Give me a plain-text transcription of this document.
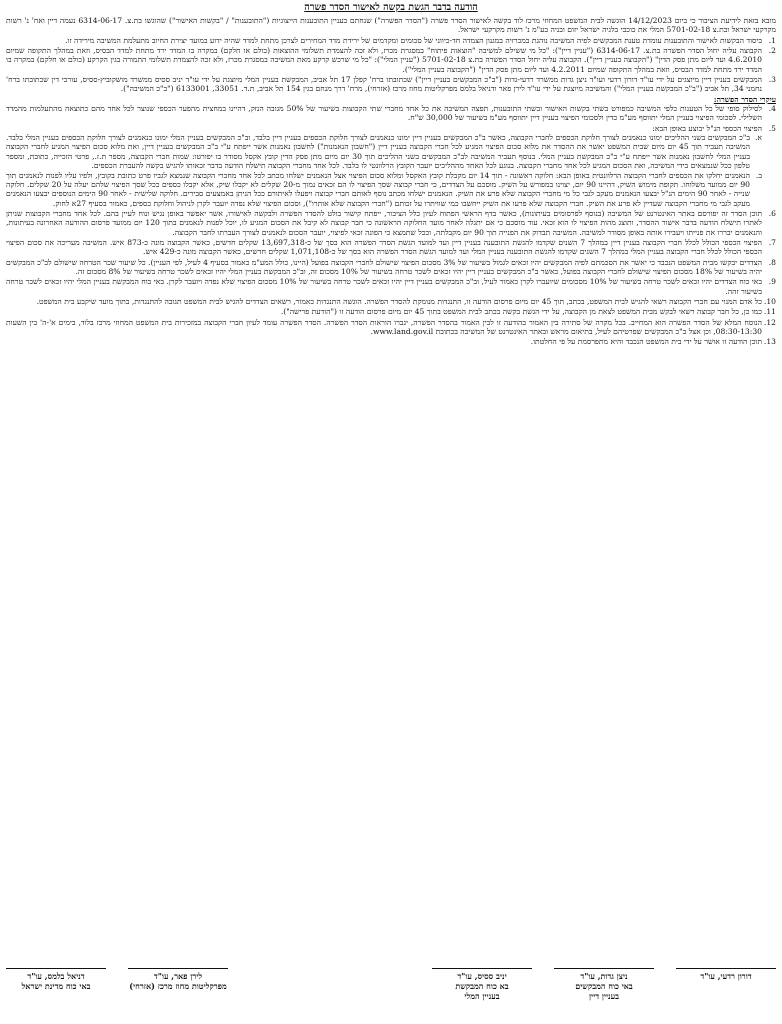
הודעה בדבר הגשת בקשה לאישור הסדר פשרה
מובא בזאת לידיעת הציבור כי ביום 14/12/2023 הוגשה לבית המשפט המחוזי מרכז לוד בקשה לאישור הסדר פשרה ("הסדר הפשרה") שנחתם בעניין התובענות הייצוגיות ("התובענות" / "בקשות האישור") שהוגשו בת.צ. 6314-06-17 נעמה דיין ואח' נ' רשות מקרקעי ישראל ובת.צ 5701-02-18 המלי את כוכבי בלגיה ישראל יזום ובניה בע"מ נ' רשות מקרקעי ישראל.
1.
ביסוד הבקשות לאישור והתובענות עומדת טענת המבקשים לפיה המשיבה נוהגת במכרזיה במגנון הצמדה חד-כיווני של סכומים ומקדמים של ירידת מדד המחירים לצרכן מתחת למדד שהיה ידוע במועד יצירת החיוב מתעלמת המשיבה מירידה זו.
2.
הקבוצה עליה יחול הסדר הפשרה בת.צ. 6314-06-17 ("עניין דיין"): "כל מי ששילם למשיבה "הוצאות פיתוח" במסגרת מכרז, ולא זכה להצמדת תשלומי ההוצאות (כולם או חלקם) במקרה בו המדד ירד מתחת למדד הבסיס, וזאת במהלך התקופה שמיום 4.6.2010 ועד ליום מתן פסק הדין" ("הקבוצה בעניין דיין"). הקבוצה עליה יחול הסדר הפשרה בת.צ 5701-02-18 ("עניין המלי"): "כל מי שרכש קרקע מאת המשיבה במסגרת מכרז, ולא זכה להצמדת תשלומי התמורה בגין הקרקע (כולם או חלקם) במקרה בו המדד ירד מתחת למדד הבסיס, וזאת במהלך התקופה שמיום 4.2.2011 ועד ליום מתן פסק הדין" ("הקבוצה בעניין המלי").
3.
המבקשים בעניין דיין מיוצגים על ידי עו"ד דורון רדעי ועו"ד ניצן גדות ממשרד רדעי-גדות ("ב"כ המבקשים בעניין דיין") שכתובתו ברח' קפלן 17 תל אביב, המבקשת בעניין המלי מיוצגת על ידי עו"ד יניב ססיס ממשרד מושקוביץ-ססיס, עורכי דין שכתובתו ברח' נחמני 34, תל אביב ("ב"כ המבקשת בעניין המלי") והמשיבה מיוצגת על ידי עו"ד לירן פאר ודניאל בלמס מפרקליטות מחוז מרכז (אזרחי), מרח' דרך מנחם בגין 154 תל אביב, ת.ד. 33051, 6133001 ("ב"כ המשיבה").
עיקרי הסדר הפשרה:
4.
לסילוק סופי של כל הטענות כלפי המשיבה כמפורט בשתי בקשות האישור ובשתי התובענות, תפצה המשיבה את כל אחד מחברי שתי הקבוצות בשיעור של 50% מגובה הנזק, דהיינו במחצית מהפער הכספי שנוצר לכל אחד מהם כתוצאה מהתעלמות מהמדד השלילי. לסכומי הפיצוי בעניין המלי יתווסף מע"מ כדין ולסכומי הפיצוי בעניין דיין יתווסף מע"מ בשיעור של 30,000 ש"ח.
5.
הפיצוי הכספי הנ"ל יבוצע באופן הבא:
א.
ב"כ המבקשים בשני ההליכים ימונו כנאמנים לצורך חלוקת הכספים לחברי הקבוצה, כאשר ב"כ המבקשים בעניין דיין ימונו כנאמנים לצורך חלוקת הכספים בעניין דיין בלבד, וב"כ המבקשים בעניין המלי ימונו כנאמנים לצורך חלוקת הכספים בעניין המלי בלבד. המשיבה תעביר תוך 45 יום מיום שבית המשפט יאשר את ההסדר את מלוא סכום הפיצוי המגיע לכל חברי הקבוצה בעניין דיין ("חשבון הנאמנות") לחשבון נאמנות אשר ייפתח ע"י ב"כ המבקשים בעניין דיין, ואת מלוא סכום הפיצוי המגיע לחברי הקבוצה בעניין המלי לחשבון נאמנות אשר ייפתח ע"י ב"כ המבקשת בעניין המלי. בנוסף תעביר המשיבה לב"כ המבקשים בשני ההליכים תוך 30 יום מיום מתן פסק הדין קובץ אקסל מסודר בו יפורטו: שמות חברי הקבוצה, מספר ת.ז., פרטי הזכייה, כתובת, ומספר טלפון ככל שנמצאים בידי המשיבה, ואת הסכום המגיע לכל אחד מחברי הקבוצה. בנוגע לכל האחד מההליכים יועבר הקובץ הרלוונטי לו בלבד. לכל אחד מחברי הקבוצה תישלח הודעה בדבר זכאותו להגיש בקשה להעברת הכספים.
ב.
הנאמנים יחלקו את הכספים לחברי הקבוצה הרלוונטית באופן הבא: חלוקה ראשונה - תוך 14 יום מקבלת קובץ האקסל ומלוא סכום הפיצוי אצל הנאמנים ישלחו מכתב לכל אחד מחברי הקבוצה שנמצא לגביו פרט כתובת בקובץ, ולפיו עליו לפנות לנאמנים תוך 90 יום ממועד משלוחו. תקופת מימוש השיק, דהיינו 90 יום, יצוינו במפורש על השיק. מוסכם על הצדדים, כי חברי קבוצה שסך הפיצוי לו הם זכאים נמוך מ-20 שקלים לא יקבלו שיק, אלא יקבלו כספים ככל שסך הפיצוי שלהם יעלה על 20 שקלים. חלוקה שנייה - לאחר 90 הימים הנ"ל יבצעו הנאמנים מעקב לגבי כל מי מחברי הקבוצה שלא פרע את השיק. הנאמנים ישלחו מכתב נוסף לאותם חברי קבוצה ויפעלו לאיתורם ככל הניתן באמצעים סבירים. חלוקה שלישית - לאחר 90 הימים הנוספים יבצעו הנאמנים מעקב לגבי מי מחברי הקבוצה שעדיין לא פרע את השיק. חברי הקבוצה שלא פרעו את השיק ייחשבו כמי שוויתרו על זכותם ("חברי הקבוצה שלא אותרו"), וסכום הפיצוי שלא נפדה יועבר לקרן לניהול וחלוקת כספים, כאמור בסעיף 27א לחוק.
6.
תוכן הסדר זה יפורסם באתר האינטרנט של המשיבה (בנוסף לפרסומים בעיתונות), כאשר בדף הראשי הפתוח לעיון כלל הציבור, ייפתח קישור בולט להסדר הפשרה ולבקשה לאישורו, אשר יאפשר באופן נגיש ונוח לעיין בהם. לכל אחד מחברי הקבוצות שניתן לאתרו תישלח הודעה בדבר אישור ההסדר, ותוצג מהות הפיצוי לו הוא זכאי. עוד מוסכם כי אם יתגלה לאחר מועד החלוקה הראשונה כי חבר קבוצה לא קיבל את הסכום המגיע לו, יוכל לפנות לנאמנים בתוך 120 יום ממועד פרסום ההודעה האחרונה בעיתונות, והנאמנים יבררו את פנייתו ויעבירו אותה באופן מסודר למשיבה. המשיבה תבדוק את הפנייה תוך 90 יום מקבלתה, וככל שתמצא כי הפונה זכאי לפיצוי, יועבר הסכום לנאמנים לצורך העברתו לחבר הקבוצה.
7.
הפיצוי הכספי הכולל לכלל חברי הקבוצה בעניין דיין במהלך 7 השנים שקדמו להגשת התובענה בעניין דיין ועד למועד הגשת הסדר הפשרה הוא בסך של כ-13,697,318 שקלים חדשים, כאשר הקבוצה מונה כ-873 איש. המשיבה מעריכה את סכום הפיצוי הכספי הכולל לכלל חברי הקבוצה בעניין המלי במהלך 7 השנים שקדמו להגשת התובענה בעניין המלי ועד למועד הגשת הסדר הפשרה הוא בסך של כ-1,071,108 שקלים חדשים, כאשר הקבוצה מונה כ-429 איש.
8.
הצדדים יבקשו מבית המשפט הנכבד כי יאשר את הסכמתם לפיה המבקשים יהיו זכאים לגמול בשיעור של 3% מסכום הפיצוי שישולם לחברי הקבוצה בפועל (היינו, כולל המע"מ כאמור בסעיף 4 לעיל, לפי העניין). כל שיעור שכר הטרחה שישולם לב"כ המבקשים יהיה בשיעור של 18% מסכום הפיצוי שישולם לחברי הקבוצה בפועל, כאשר ב"כ המבקשים בעניין דיין יהיו זכאים לשכר טרחה בשיעור של 10% מסכום זה, וב"כ המבקשת בעניין המלי יהיו זכאים לשכר טרחה בשיעור של 8% מסכום זה.
9.
באי כוח הצדדים יהיו זכאים לשכר טרחה בשיעור של 10% מסכומים שיועברו לקרן כאמור לעיל, וב"כ המבקשים בעניין דיין יהיו זכאים לשכר טרחה בשיעור של 10% מסכום הפיצוי שלא נפדה ויועבר לקרן. באי כוח המבקשת בעניין המלי יהיו זכאים לשכר טרחה בשיעור זהה.
10.
כל אדם המנוי עם חברי הקבוצה רשאי להגיש לבית המשפט, בכתב, תוך 45 יום מיום פרסום הודעה זו, התנגדות מנומקת להסדר הפשרה. הוגשה התנגדות כאמור, רשאים הצדדים להגיש לבית המשפט תגובה להתנגדות, בתוך מועד שיקבע בית המשפט.
11.
כמו כן, כל חבר קבוצה רשאי לבקש מבית המשפט לצאת מן הקבוצה, על ידי הגשת בקשה בכתב לבית המשפט בתוך 45 יום מיום פרסום הודעה זו ("הודעת פרישה").
12.
הנוסח המלא של הסדר הפשרה הוא המחייב. בכל מקרה של סתירה בין האמור בהודעה זו לבין האמור בהסדר הפשרה, יגברו הוראות הסדר הפשרה. הסדר הפשרה עומד לעיון חברי הקבוצה במזכירות בית המשפט המחוזי מרכז בלוד, בימים א'-ה' בין השעות 08:30-13:30, וכן אצל ב"כ המבקשים שפרטיהם לעיל, בתיאום מראש ובאתר האינטרנט של המשיבה בכתובת www.land.gov.il.
13.
תוכן הודעה זו אושר על ידי בית המשפט הנכבד והיא מתפרסמת על פי החלטתו.
דורון רדעי, עו"ד
ניצן גדות, עו"ד
באי כוח המבקשים
בעניין דיין
יניב ססיס, עו"ד
בא כוח המבקשת
בעניין המלי
לירן פאר, עו"ד
מפרקליטות מחוז מרכז (אזרחי)
דניאל בלמס, עו"ד
באי כוח מדינת ישראל
